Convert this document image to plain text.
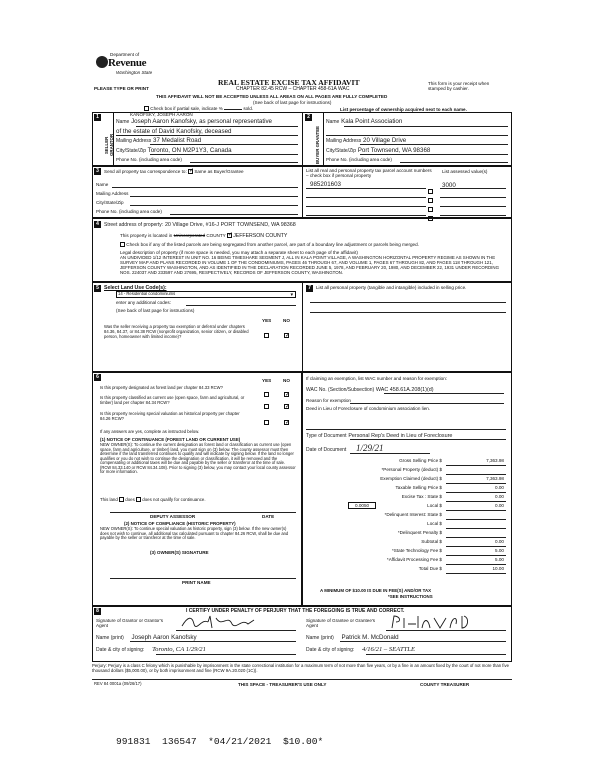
Department of
Revenue
Washington State
PLEASE TYPE OR PRINT
REAL ESTATE EXCISE TAX AFFIDAVIT
CHAPTER 82.45 RCW – CHAPTER 458-61A WAC
THIS AFFIDAVIT WILL NOT BE ACCEPTED UNLESS ALL AREAS ON ALL PAGES ARE FULLY COMPLETED
(See back of last page for instructions)
This form is your receipt when stamped by cashier.
Check box if partial sale, indicate %	sold.	List percentage of ownership acquired next to each name.
1
SELLER GRANTOR
KANOFSKY, JOSEPH AARON
Name Joseph Aaron Kanofsky, as personal representative
of the estate of David Kanofsky, deceased
Mailing Address 37 Medalist Road
City/State/Zip Toronto, ON M2P1Y3, Canada
Phone No. (including area code)
2
BUYER GRANTEE
Name Kala Point Association
Mailing Address 20 Village Drive
City/State/Zip Port Townsend, WA 98368
Phone No. (including area code)
3	Send all property tax correspondence to: ✓ Same as Buyer/Grantee
Name
Mailing Address
City/State/Zip
Phone No. (including area code)
List all real and personal property tax parcel account numbers – check box if personal property
List assessed value(s)
985201603	3000
4	Street address of property: 20 Village Drive, #16-J PORT TOWNSEND, WA 98368
This property is located in Unincorporated COUNTY ✓ JEFFERSON COUNTY
Check box if any of the listed parcels are being segregated from another parcel, are part of a boundary line adjustment or parcels being merged.
Legal description of property (if more space is needed, you may attach a separate sheet to each page of the affidavit)
AN UNDIVIDED 1/12 INTEREST IN UNIT NO. 16 BEING TIMESHARE SEGMENT J, ALL IN KALA POINT VILLAGE, A WASHINGTON HORIZONTAL PROPERTY REGIME AS SHOWN IN THE SURVEY MAP AND PLANS RECORDED IN VOLUME 1 OF THE CONDOMINIUMS, PAGES 46 THROUGH 67, AND VOLUME 1, PAGES 67 THROUGH 82, AND PAGES 118 THROUGH 121, JEFFERSON COUNTY WASHINGTON, AND AS IDENTIFIED IN THE DECLARATION RECORDED JUNE 5, 1978, AND FEBRUARY 20, 1980, AND DECEMBER 22, 1931 UNDER RECORDING NOS. 224037 AND 233597 AND 27695, RESPECTIVELY, RECORDS OF JEFFERSON COUNTY, WASHINGTON.
5 Select Land Use Code(s):
14 - Residential condominiums	▼
enter any additional codes:
(See back of last page for instructions)
YES	NO
Was the seller receiving a property tax exemption or deferral under chapters 84.36, 84.37, or 84.38 RCW (nonprofit organization, senior citizen, or disabled person, homeowner with limited income)?
✓
7	List all personal property (tangible and intangible) included in selling price.
6
YES	NO
Is this property designated as forest land per chapter 84.33 RCW?
✓
Is this property classified as current use (open space, farm and agricultural, or timber) land per chapter 84.34 RCW?
✓
Is this property receiving special valuation as historical property per chapter 84.26 RCW?
✓
If any answers are yes, complete as instructed below.
(1) NOTICE OF CONTINUANCE (FOREST LAND OR CURRENT USE)
NEW OWNER(S): To continue the current designation as forest land or classification as current use (open space, farm and agriculture, or timber) land, you must sign on (3) below. The county assessor must then determine if the land transferred continues to qualify and will indicate by signing below. If the land no longer qualifies or you do not wish to continue the designation or classification, it will be removed and the compensating or additional taxes will be due and payable by the seller or transferor at the time of sale. (RCW 84.33.140 or RCW 84.34.108). Prior to signing (3) below, you may contact your local county assessor for more information.
This land does does not qualify for continuance.
DEPUTY ASSESSOR	DATE
(2) NOTICE OF COMPLIANCE (HISTORIC PROPERTY)
NEW OWNER(S): To continue special valuation as historic property, sign (3) below. If the new owner(s) does not wish to continue, all additional tax calculated pursuant to chapter 84.26 RCW, shall be due and payable by the seller or transferor at the time of sale.
(3) OWNER(S) SIGNATURE
PRINT NAME
If claiming an exemption, list WAC number and reason for exemption:
WAC No. (Section/Subsection) WAC 458.61A.208(1)(d)
Reason for exemption
Deed in Lieu of Foreclosure of condominium association lien.
Type of Document Personal Rep's Deed in Lieu of Foreclosure
Date of Document 1/29/21
Gross Selling Price $	7,363.98
*Personal Property (deduct) $
Exemption Claimed (deduct) $	7,363.98
Taxable Selling Price $	0.00
Excise Tax : State $	0.00
0.0050	Local $	0.00
*Delinquent Interest: State $
Local $
*Delinquent Penalty $
Subtotal $	0.00
*State Technology Fee $	5.00
*Affidavit Processing Fee $	5.00
Total Due $	10.00
A MINIMUM OF $10.00 IS DUE IN FEE(S) AND/OR TAX
*SEE INSTRUCTIONS
8	I CERTIFY UNDER PENALTY OF PERJURY THAT THE FOREGOING IS TRUE AND CORRECT.
Signature of Grantor or Grantor's Agent
Name (print) Joseph Aaron Kanofsky
Date & city of signing: Toronto, CA 1/29/21
Signature of Grantee or Grantee's Agent
Name (print) Patrick M. McDonald
Date & city of signing: 4/16/21 – SEATTLE
Perjury: Perjury is a class C felony which is punishable by imprisonment in the state correctional institution for a maximum term of not more than five years, or by a fine in an amount fixed by the court of not more than five thousand dollars ($5,000.00), or by both imprisonment and fine (RCW 9A.20.020 (1C)).
REV 84 0001a (09/26/17)	THIS SPACE - TREASURER'S USE ONLY	COUNTY TREASURER
991831  136547  *04/21/2021  $10.00*
